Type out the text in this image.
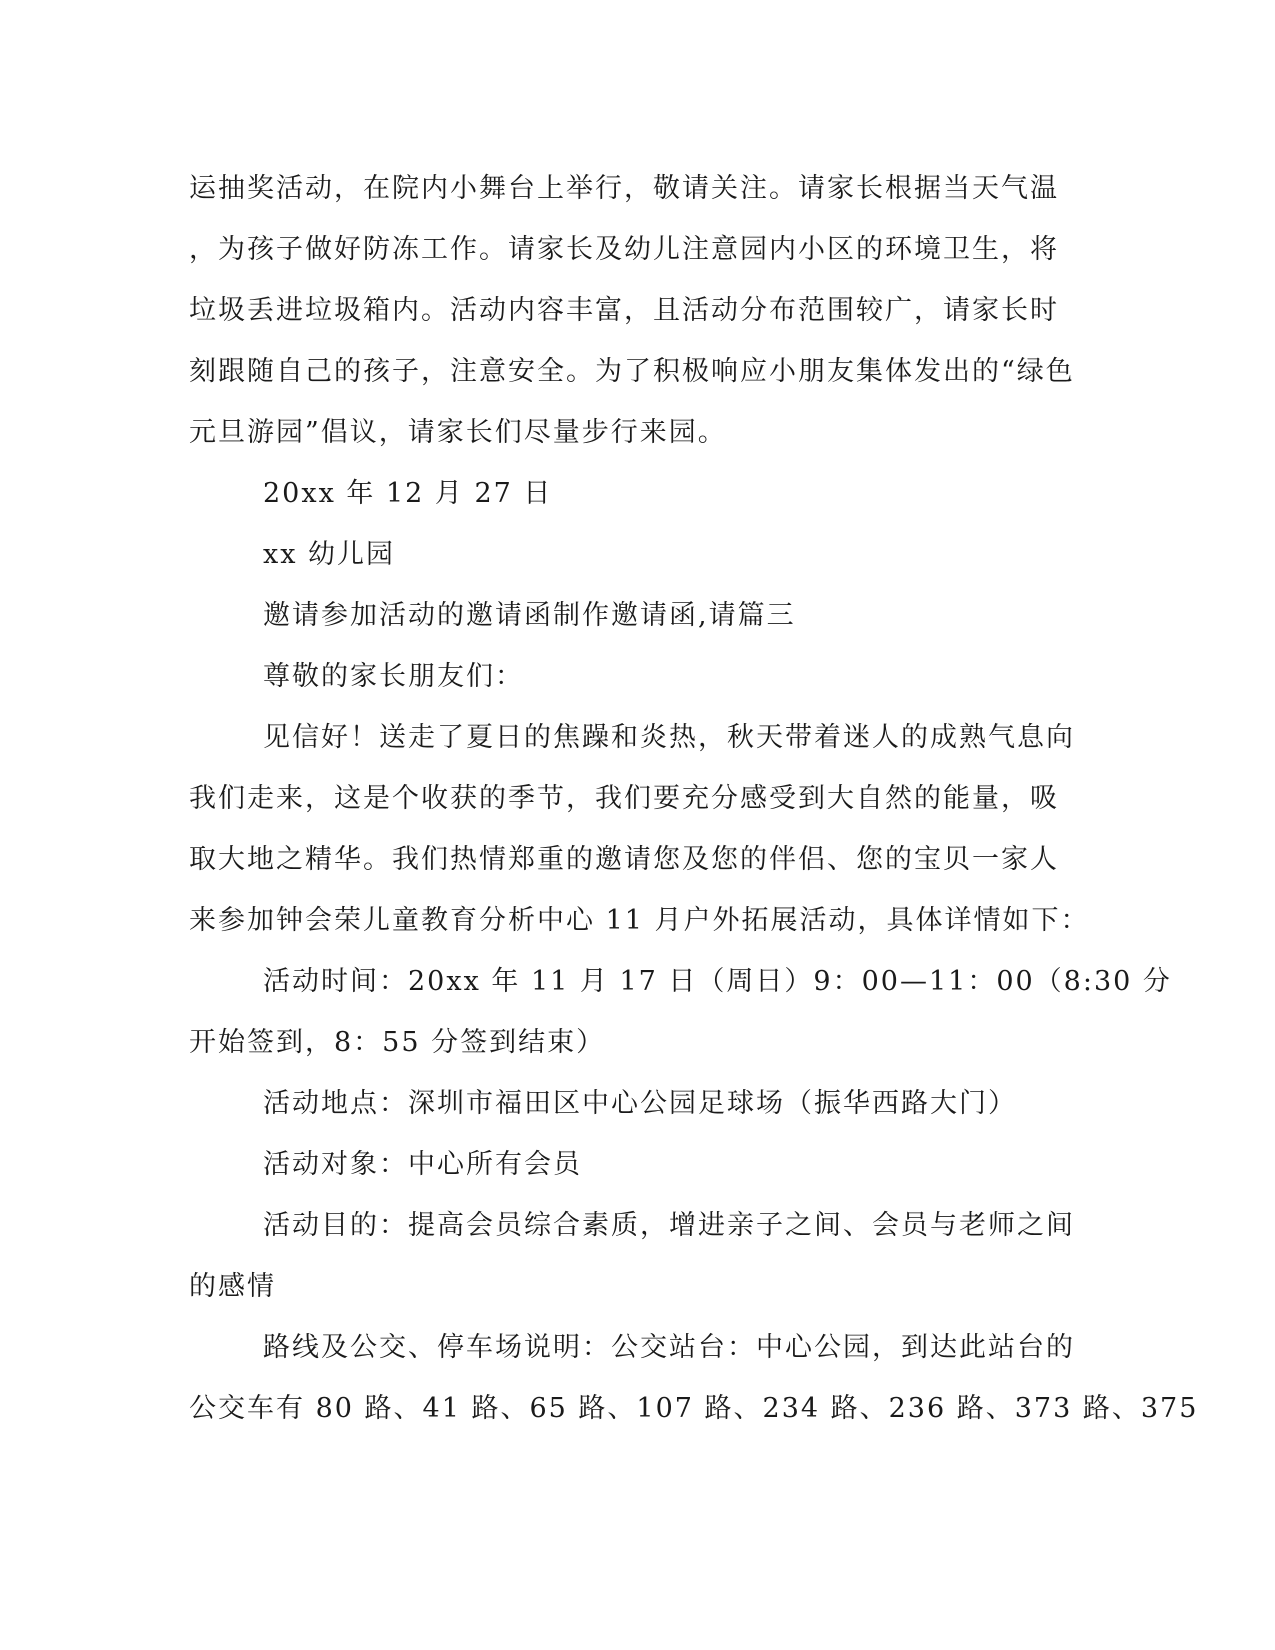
运抽奖活动，在院内小舞台上举行，敬请关注。请家长根据当天气温
，为孩子做好防冻工作。请家长及幼儿注意园内小区的环境卫生，将
垃圾丢进垃圾箱内。活动内容丰富，且活动分布范围较广，请家长时
刻跟随自己的孩子，注意安全。为了积极响应小朋友集体发出的“绿色
元旦游园”倡议，请家长们尽量步行来园。
20xx 年 12 月 27 日
xx 幼儿园
邀请参加活动的邀请函制作邀请函,请篇三
尊敬的家长朋友们：
见信好！送走了夏日的焦躁和炎热，秋天带着迷人的成熟气息向
我们走来，这是个收获的季节，我们要充分感受到大自然的能量，吸
取大地之精华。我们热情郑重的邀请您及您的伴侣、您的宝贝一家人
来参加钟会荣儿童教育分析中心 11 月户外拓展活动，具体详情如下：
活动时间：20xx 年 11 月 17 日（周日）9：00—11：00（8:30 分
开始签到，8：55 分签到结束）
活动地点：深圳市福田区中心公园足球场（振华西路大门）
活动对象：中心所有会员
活动目的：提高会员综合素质，增进亲子之间、会员与老师之间
的感情
路线及公交、停车场说明：公交站台：中心公园，到达此站台的
公交车有 80 路、41 路、65 路、107 路、234 路、236 路、373 路、375
